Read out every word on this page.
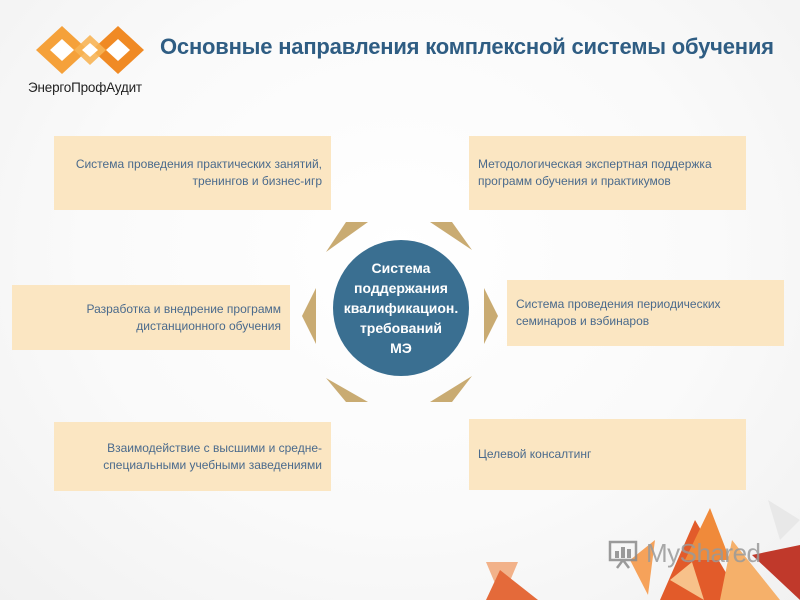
ЭнергоПрофАудит
Основные направления комплексной системы обучения
Система проведения практических занятий,
тренингов и бизнес-игр
Методологическая экспертная поддержка
программ обучения и практикумов
Разработка и внедрение программ
дистанционного обучения
Система проведения периодических
семинаров и вэбинаров
Взаимодействие с высшими и средне-
специальными учебными заведениями
Целевой консалтинг
Система
поддержания
квалификацион.
требований
МЭ
MyShared
